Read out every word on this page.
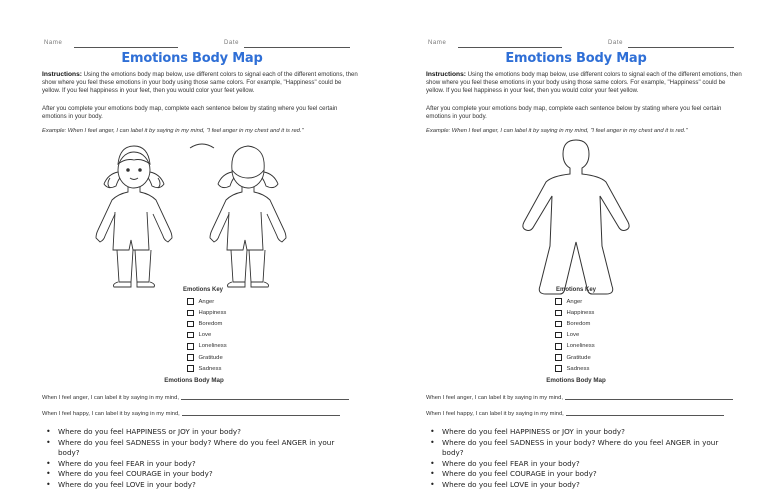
Name	Date
Emotions Body Map
Instructions: Using the emotions body map below, use different colors to signal each of the different emotions, then show where you feel these emotions in your body using those same colors. For example, "Happiness" could be yellow. If you feel happiness in your feet, then you would color your feet yellow.
After you complete your emotions body map, complete each sentence below by stating where you feel certain emotions in your body.
Example: When I feel anger, I can label it by saying in my mind, "I feel anger in my chest and it is red."
Emotions Key
Anger
Happiness
Boredom
Love
Loneliness
Gratitude
Sadness
Emotions Body Map
When I feel anger, I can label it by saying in my mind,
When I feel happy, I can label it by saying in my mind,
• Where do you feel HAPPINESS or JOY in your body?
• Where do you feel SADNESS in your body? Where do you feel ANGER in your body?
• Where do you feel FEAR in your body?
• Where do you feel COURAGE in your body?
• Where do you feel LOVE in your body?
Name	Date
Emotions Body Map
Instructions: Using the emotions body map below, use different colors to signal each of the different emotions, then show where you feel these emotions in your body using those same colors. For example, "Happiness" could be yellow. If you feel happiness in your feet, then you would color your feet yellow.
After you complete your emotions body map, complete each sentence below by stating where you feel certain emotions in your body.
Example: When I feel anger, I can label it by saying in my mind, "I feel anger in my chest and it is red."
Emotions Key
Anger
Happiness
Boredom
Love
Loneliness
Gratitude
Sadness
Emotions Body Map
When I feel anger, I can label it by saying in my mind,
When I feel happy, I can label it by saying in my mind,
• Where do you feel HAPPINESS or JOY in your body?
• Where do you feel SADNESS in your body? Where do you feel ANGER in your body?
• Where do you feel FEAR in your body?
• Where do you feel COURAGE in your body?
• Where do you feel LOVE in your body?
